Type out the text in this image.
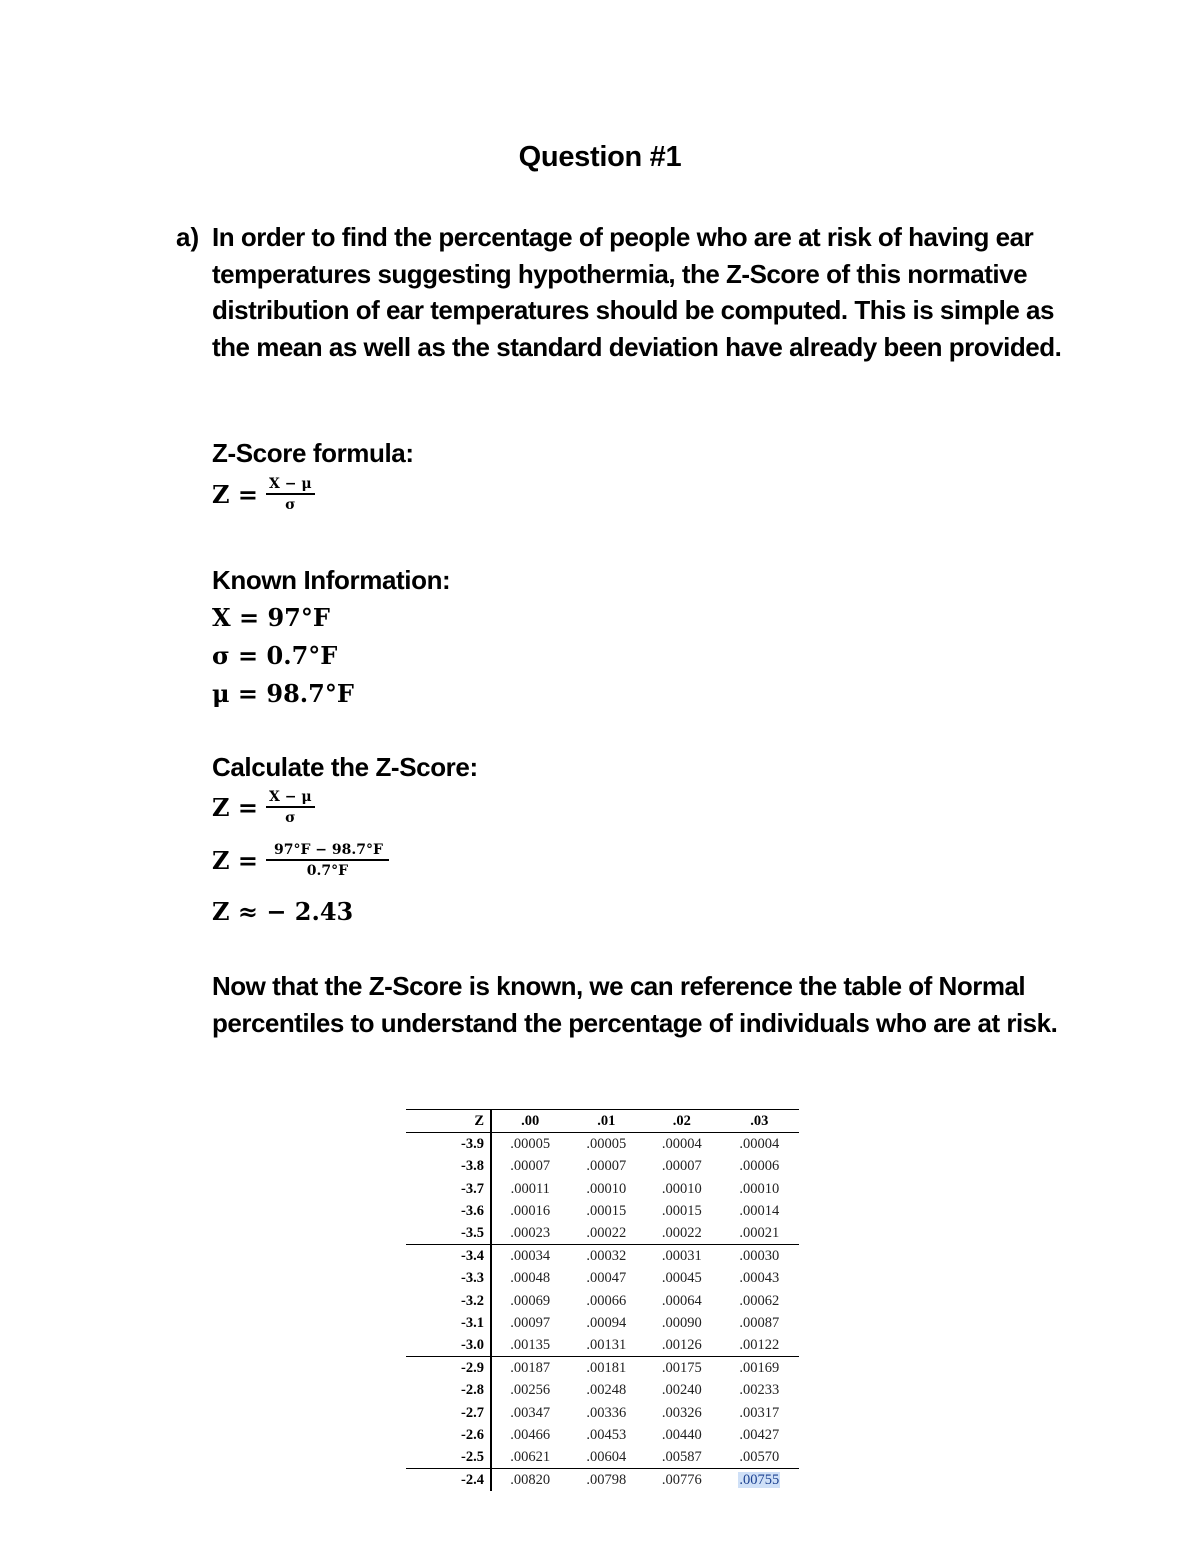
Question #1
a) In order to find the percentage of people who are at risk of having ear temperatures suggesting hypothermia, the Z-Score of this normative distribution of ear temperatures should be computed. This is simple as the mean as well as the standard deviation have already been provided.
Z-Score formula:
$Z = \frac{X - \mu}{\sigma}$
Known Information:
X = 97°F
σ = 0.7°F
μ = 98.7°F
Calculate the Z-Score:
$Z = \frac{X - \mu}{\sigma}$
$Z = \frac{97^\circ F - 98.7^\circ F}{0.7^\circ F}$
Z ≈ − 2.43
Now that the Z-Score is known, we can reference the table of Normal percentiles to understand the percentage of individuals who are at risk.
Z	.00	.01	.02	.03
-3.9	.00005	.00005	.00004	.00004
-3.8	.00007	.00007	.00007	.00006
-3.7	.00011	.00010	.00010	.00010
-3.6	.00016	.00015	.00015	.00014
-3.5	.00023	.00022	.00022	.00021
-3.4	.00034	.00032	.00031	.00030
-3.3	.00048	.00047	.00045	.00043
-3.2	.00069	.00066	.00064	.00062
-3.1	.00097	.00094	.00090	.00087
-3.0	.00135	.00131	.00126	.00122
-2.9	.00187	.00181	.00175	.00169
-2.8	.00256	.00248	.00240	.00233
-2.7	.00347	.00336	.00326	.00317
-2.6	.00466	.00453	.00440	.00427
-2.5	.00621	.00604	.00587	.00570
-2.4	.00820	.00798	.00776	.00755
